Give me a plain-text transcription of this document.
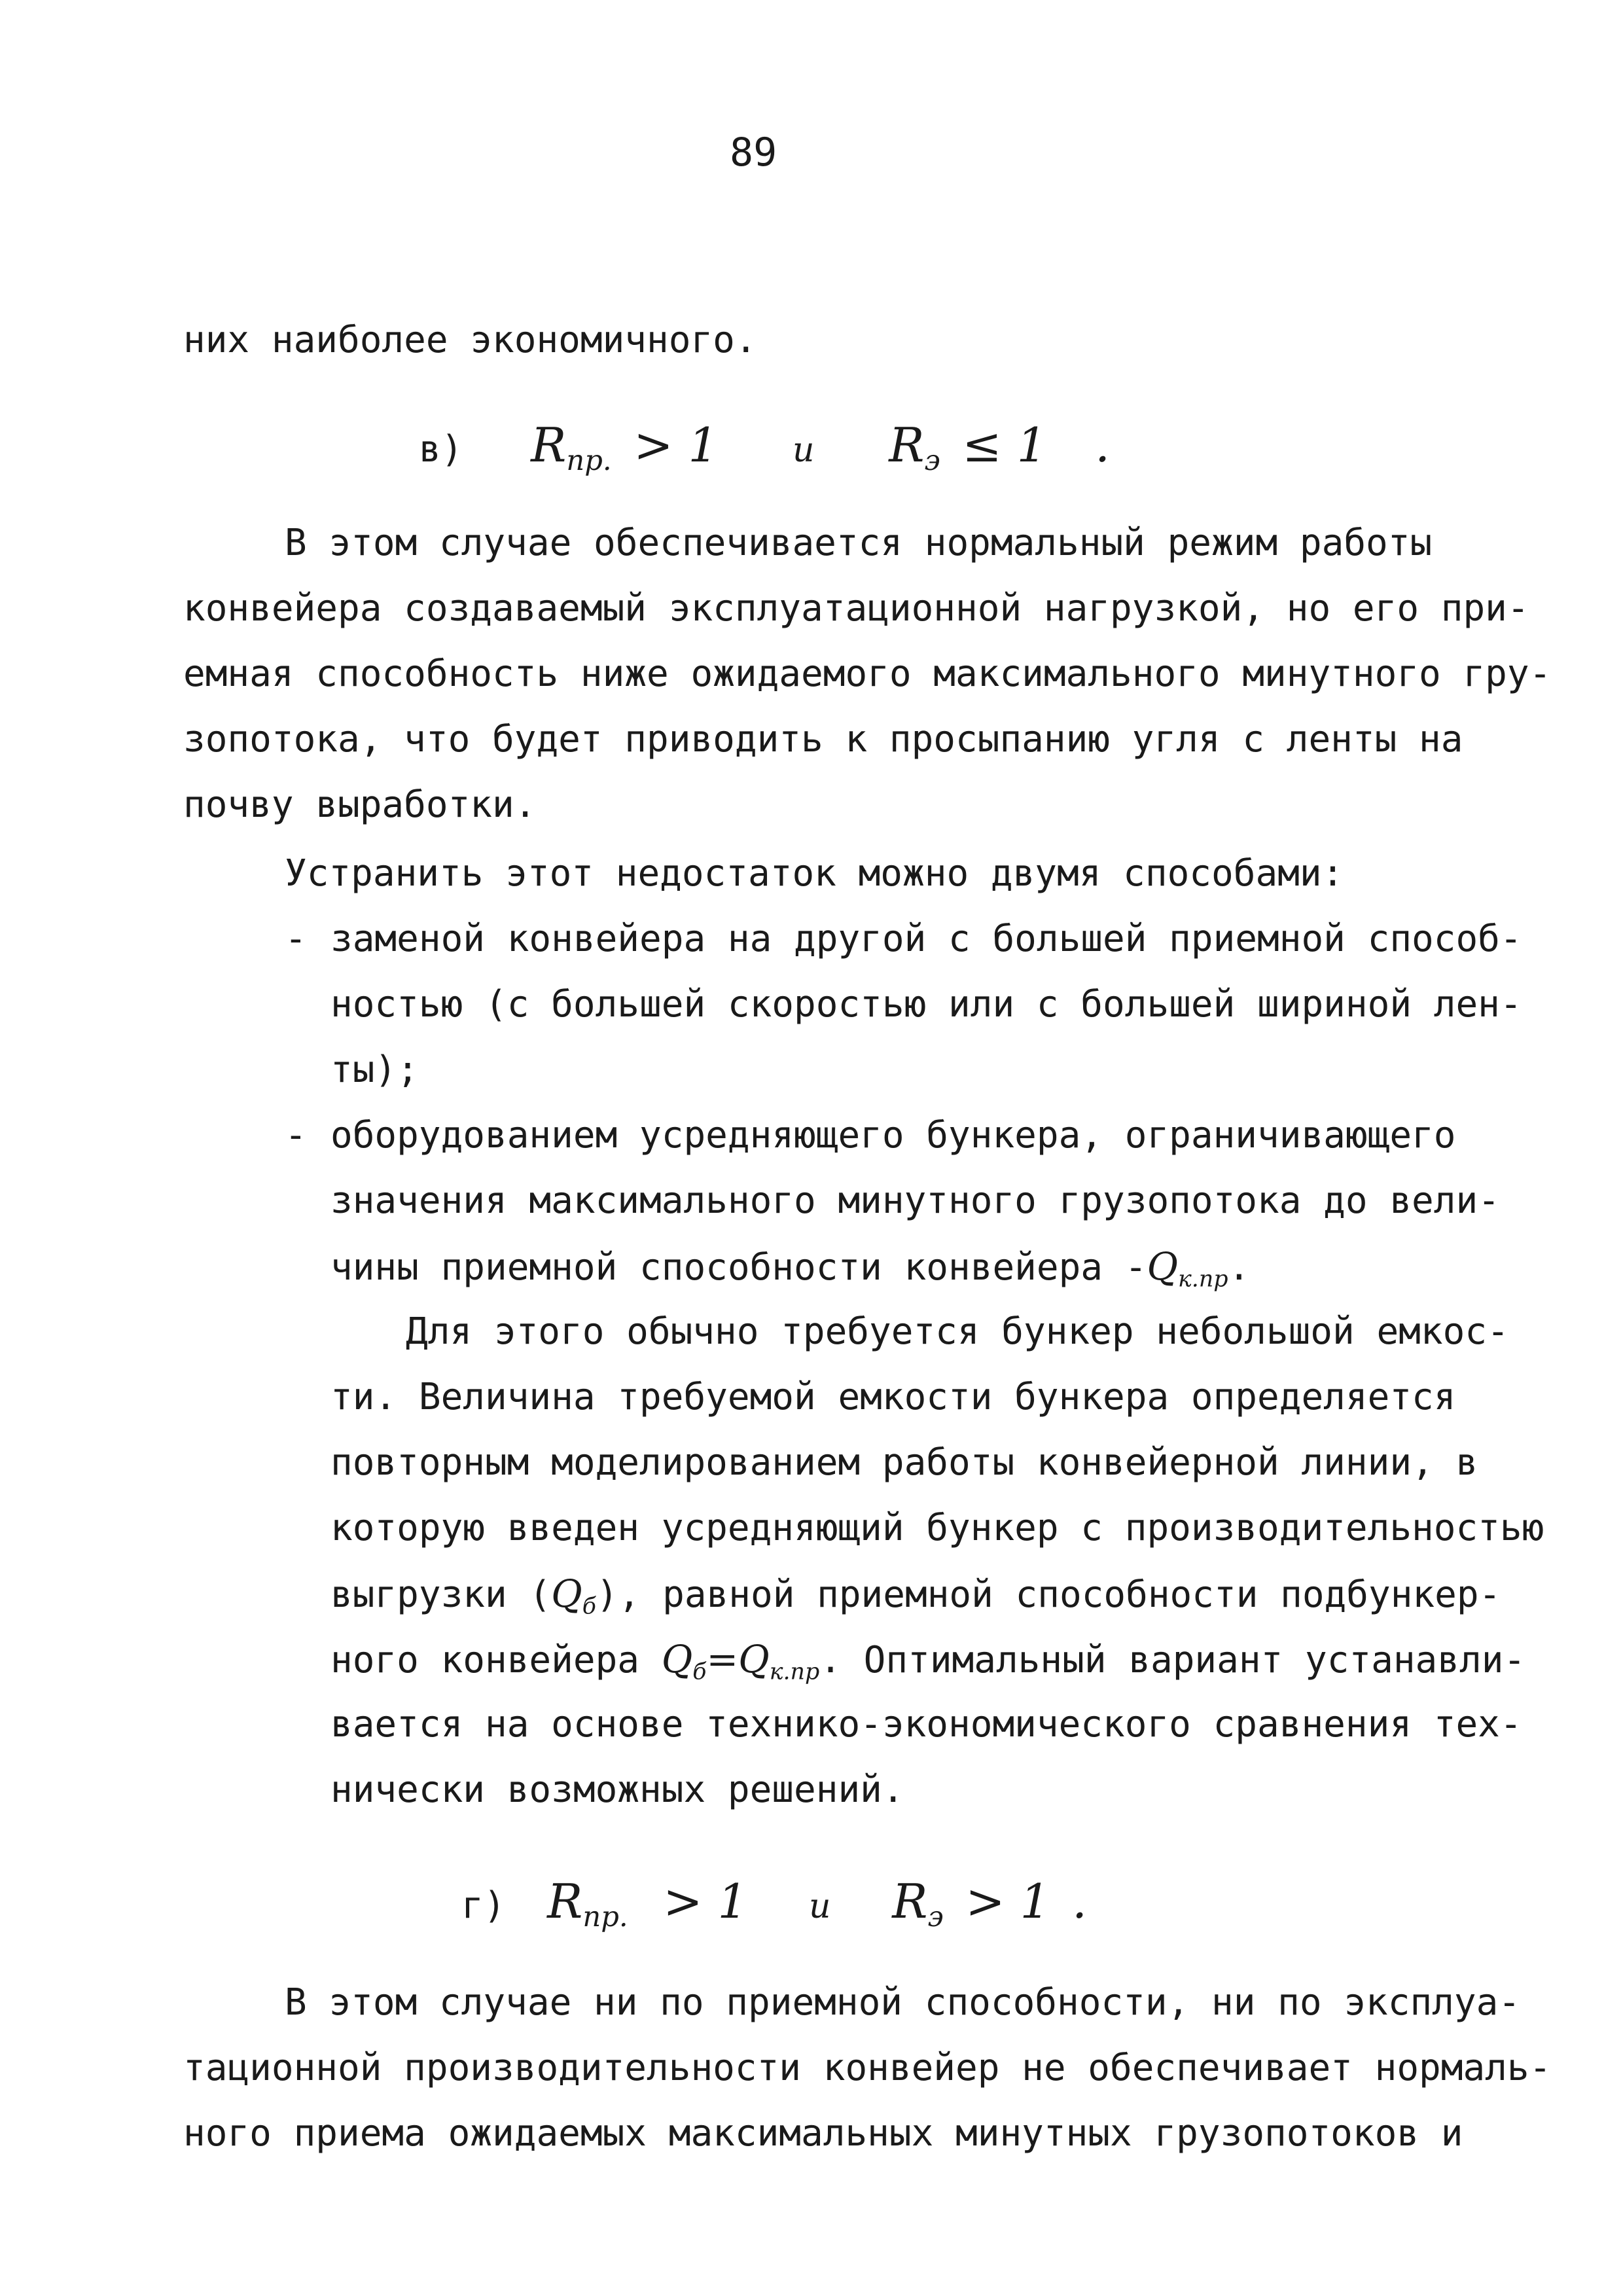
89
них наиболее экономичного.
в) $R_{пр.} > 1$ и $R_э \le 1$ .
В этом случае обеспечивается нормальный режим работы
конвейера создаваемый эксплуатационной нагрузкой, но его при-
емная способность ниже ожидаемого максимального минутного гру-
зопотока, что будет приводить к просыпанию угля с ленты на
почву выработки.
Устранить этот недостаток можно двумя способами:
- заменой конвейера на другой с большей приемной способ-
ностью (с большей скоростью или с большей шириной лен-
ты);
- оборудованием усредняющего бункера, ограничивающего
значения максимального минутного грузопотока до вели-
чины приемной способности конвейера $-Q_{к.пр}$.
Для этого обычно требуется бункер небольшой емкос-
ти. Величина требуемой емкости бункера определяется
повторным моделированием работы конвейерной линии, в
которую введен усредняющий бункер с производительностью
выгрузки $(Q_б)$, равной приемной способности подбункер-
ного конвейера $Q_б=Q_{к.пр}$. Оптимальный вариант устанавли-
вается на основе технико-экономического сравнения тех-
нически возможных решений.
г) $R_{пр.} > 1$ и $R_э > 1$ .
В этом случае ни по приемной способности, ни по эксплуа-
тационной производительности конвейер не обеспечивает нормаль-
ного приема ожидаемых максимальных минутных грузопотоков и
